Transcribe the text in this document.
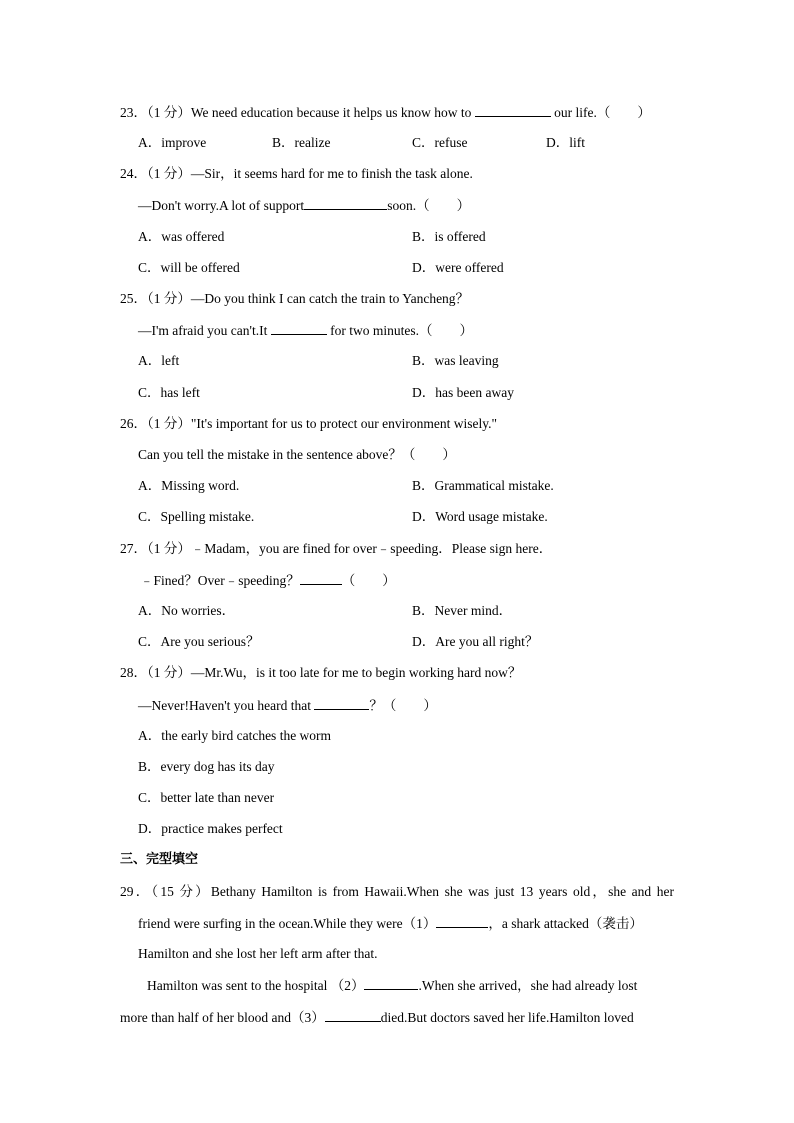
23．（1 分）We need education because it helps us know how to	our life.（　　）
A．improve	B．realize	C．refuse	D．lift
24．（1 分）—Sir，it seems hard for me to finish the task alone.
—Don't worry.A lot of support	soon.（　　）
A．was offered	B．is offered
C．will be offered	D．were offered
25．（1 分）—Do you think I can catch the train to Yancheng？
—I'm afraid you can't.It	for two minutes.（　　）
A．left	B．was leaving
C．has left	D．has been away
26．（1 分）"It's important for us to protect our environment wisely."
Can you tell the mistake in the sentence above？（　　）
A．Missing word.	B．Grammatical mistake.
C．Spelling mistake.	D．Word usage mistake.
27．（1 分）﹣Madam，you are fined for over﹣speeding．Please sign here．
﹣Fined？Over﹣speeding？	（　　）
A．No worries．	B．Never mind．
C．Are you serious？	D．Are you all right？
28．（1 分）—Mr.Wu，is it too late for me to begin working hard now？
—Never!Haven't you heard that	？（　　）
A．the early bird catches the worm
B．every dog has its day
C．better late than never
D．practice makes perfect
三、完型填空
29．（15 分）Bethany Hamilton is from Hawaii.When she was just 13 years old，she and her
friend were surfing in the ocean.While they were（1）	，a shark attacked（袭击）
Hamilton and she lost her left arm after that.
Hamilton was sent to the hospital （2）	.When she arrived，she had already lost
more than half of her blood and（3）	died.But doctors saved her life.Hamilton loved
